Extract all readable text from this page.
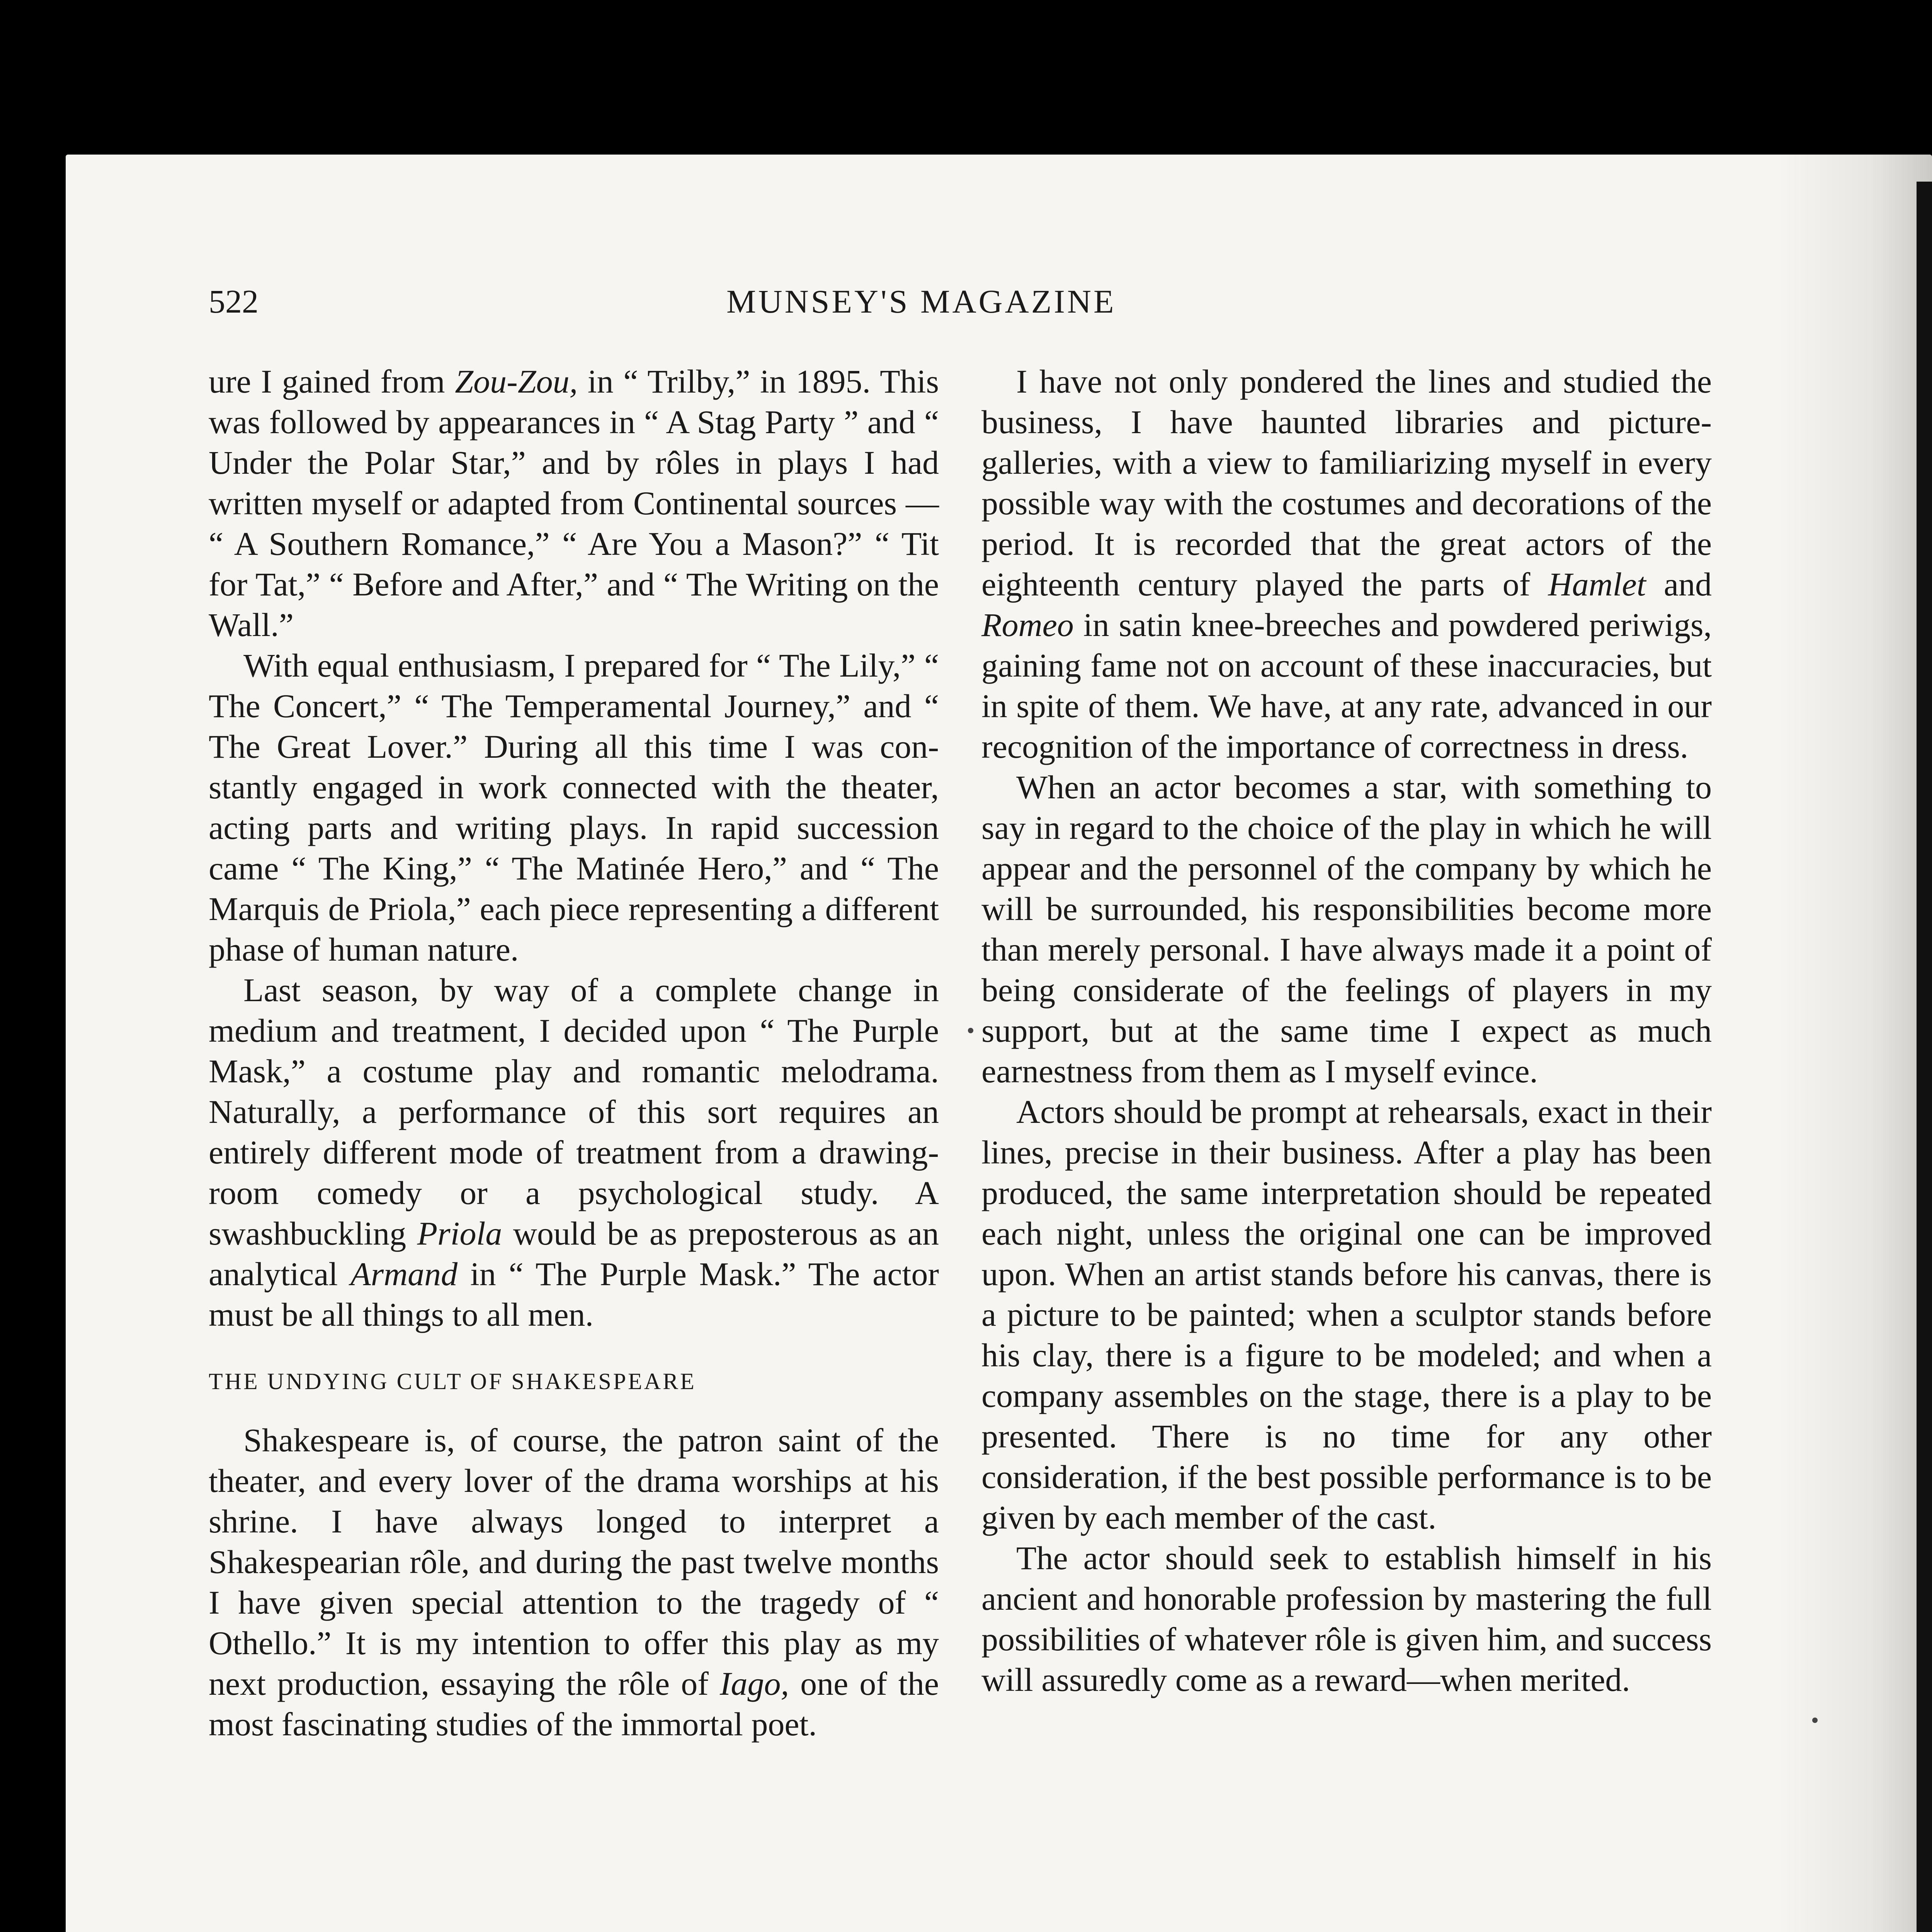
522	MUNSEY'S MAGAZINE

ure I gained from Zou-Zou, in “ Trilby,” in 1895. This was followed by appearances in “ A Stag Party ” and “ Under the Polar Star,” and by rôles in plays I had written myself or adapted from Continental sources — “ A Southern Romance,” “ Are You a Mason?” “ Tit for Tat,” “ Before and After,” and “ The Writing on the Wall.”

With equal enthusiasm, I prepared for “ The Lily,” “ The Concert,” “ The Temperamental Journey,” and “ The Great Lover.” During all this time I was constantly engaged in work connected with the theater, acting parts and writing plays. In rapid succession came “ The King,” “ The Matinée Hero,” and “ The Marquis de Priola,” each piece representing a different phase of human nature.

Last season, by way of a complete change in medium and treatment, I decided upon “ The Purple Mask,” a costume play and romantic melodrama. Naturally, a performance of this sort requires an entirely different mode of treatment from a drawing-room comedy or a psychological study. A swashbuckling Priola would be as preposterous as an analytical Armand in “ The Purple Mask.” The actor must be all things to all men.

THE UNDYING CULT OF SHAKESPEARE

Shakespeare is, of course, the patron saint of the theater, and every lover of the drama worships at his shrine. I have always longed to interpret a Shakespearian rôle, and during the past twelve months I have given special attention to the tragedy of “ Othello.” It is my intention to offer this play as my next production, essaying the rôle of Iago, one of the most fascinating studies of the immortal poet.

I have not only pondered the lines and studied the business, I have haunted libraries and picture-galleries, with a view to familiarizing myself in every possible way with the costumes and decorations of the period. It is recorded that the great actors of the eighteenth century played the parts of Hamlet and Romeo in satin knee-breeches and powdered periwigs, gaining fame not on account of these inaccuracies, but in spite of them. We have, at any rate, advanced in our recognition of the importance of correctness in dress.

When an actor becomes a star, with something to say in regard to the choice of the play in which he will appear and the personnel of the company by which he will be surrounded, his responsibilities become more than merely personal. I have always made it a point of being considerate of the feelings of players in my support, but at the same time I expect as much earnestness from them as I myself evince.

Actors should be prompt at rehearsals, exact in their lines, precise in their business. After a play has been produced, the same interpretation should be repeated each night, unless the original one can be improved upon. When an artist stands before his canvas, there is a picture to be painted; when a sculptor stands before his clay, there is a figure to be modeled; and when a company assembles on the stage, there is a play to be presented. There is no time for any other consideration, if the best possible performance is to be given by each member of the cast.

The actor should seek to establish himself in his ancient and honorable profession by mastering the full possibilities of whatever rôle is given him, and success will assuredly come as a reward—when merited.
